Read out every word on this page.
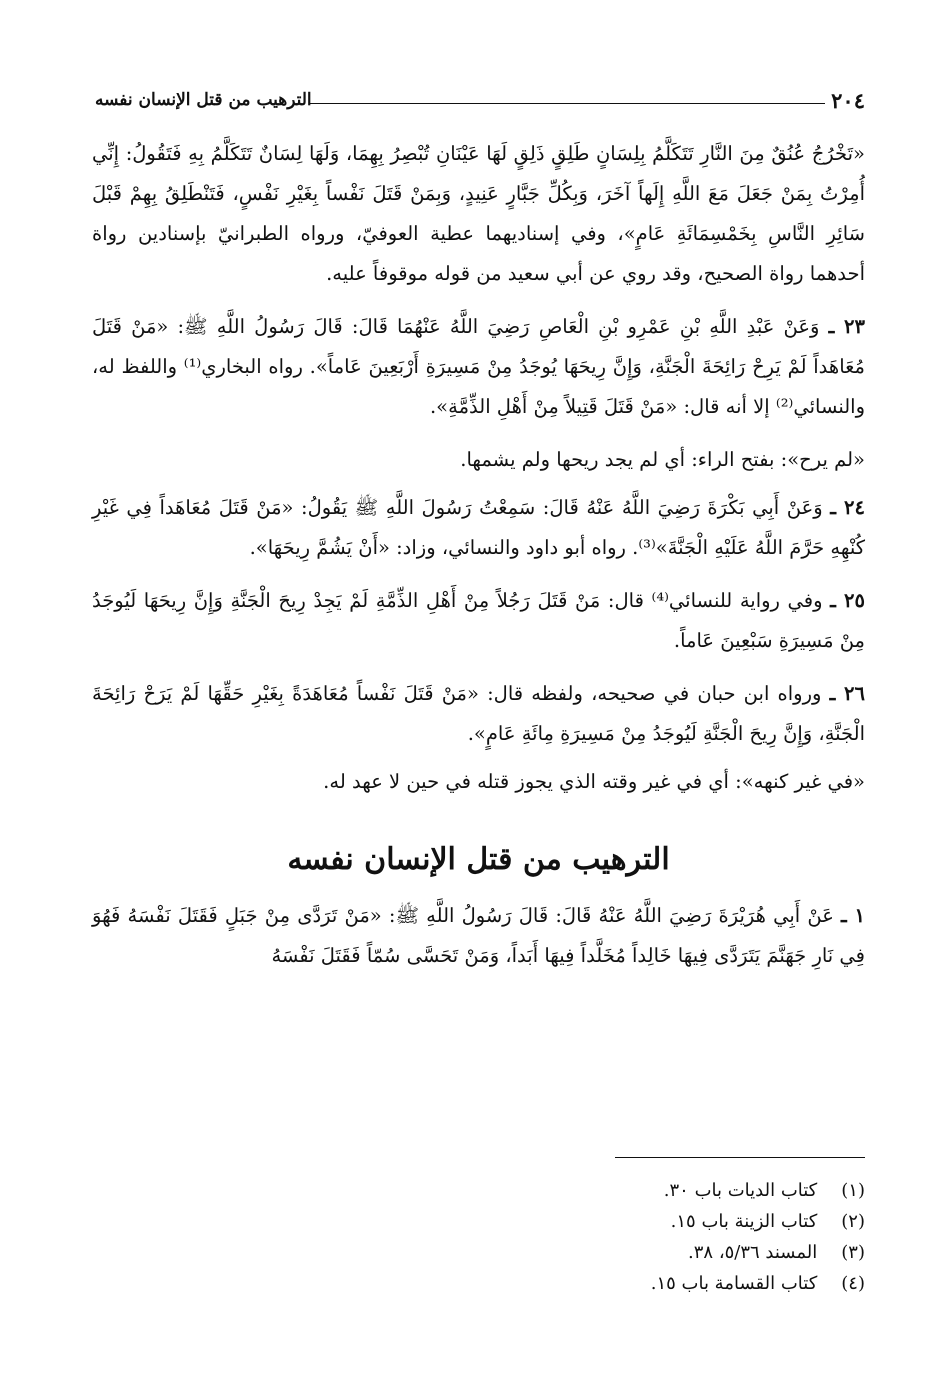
٢٠٤
الترهيب من قتل الإنسان نفسه

«تَخْرُجُ عُنُقٌ مِنَ النَّارِ تَتَكَلَّمُ بِلِسَانٍ طَلِقٍ ذَلِقٍ لَهَا عَيْنَانِ تُبْصِرُ بِهِمَا، وَلَهَا لِسَانٌ تَتَكَلَّمُ بِهِ فَتَقُولُ: إِنِّي أُمِرْتُ بِمَنْ جَعَلَ مَعَ اللَّهِ إِلَهاً آخَرَ، وَبِكُلِّ جَبَّارٍ عَنِيدٍ، وَبِمَنْ قَتَلَ نَفْساً بِغَيْرِ نَفْسٍ، فَتَنْطَلِقُ بِهِمْ قَبْلَ سَائِرِ النَّاسِ بِخَمْسِمَائَةِ عَامٍ»، وفي إسناديهما عطية العوفيّ، ورواه الطبرانيّ بإسنادين رواة أحدهما رواة الصحيح، وقد روي عن أبي سعيد من قوله موقوفاً عليه.

٢٣ ـ وَعَنْ عَبْدِ اللَّهِ بْنِ عَمْرِو بْنِ الْعَاصِ رَضِيَ اللَّهُ عَنْهُمَا قَالَ: قَالَ رَسُولُ اللَّهِ ﷺ: «مَنْ قَتَلَ مُعَاهَداً لَمْ يَرِحْ رَائِحَةَ الْجَنَّةِ، وَإِنَّ رِيحَهَا يُوجَدُ مِنْ مَسِيرَةِ أَرْبَعِينَ عَاماً». رواه البخاري⁽¹⁾ واللفظ له، والنسائي⁽²⁾ إلا أنه قال: «مَنْ قَتَلَ قَتِيلاً مِنْ أَهْلِ الذِّمَّةِ».

«لم يرح»: بفتح الراء: أي لم يجد ريحها ولم يشمها.

٢٤ ـ وَعَنْ أَبِي بَكْرَةَ رَضِيَ اللَّهُ عَنْهُ قَالَ: سَمِعْتُ رَسُولَ اللَّهِ ﷺ يَقُولُ: «مَنْ قَتَلَ مُعَاهَداً فِي غَيْرِ كُنْهِهِ حَرَّمَ اللَّهُ عَلَيْهِ الْجَنَّةَ»⁽³⁾. رواه أبو داود والنسائي، وزاد: «أَنْ يَشُمَّ رِيحَهَا».

٢٥ ـ وفي رواية للنسائي⁽⁴⁾ قال: مَنْ قَتَلَ رَجُلاً مِنْ أَهْلِ الذِّمَّةِ لَمْ يَجِدْ رِيحَ الْجَنَّةِ وَإِنَّ رِيحَهَا لَيُوجَدُ مِنْ مَسِيرَةِ سَبْعِينَ عَاماً.

٢٦ ـ ورواه ابن حبان في صحيحه، ولفظه قال: «مَنْ قَتَلَ نَفْساً مُعَاهَدَةً بِغَيْرِ حَقِّهَا لَمْ يَرَحْ رَائِحَةَ الْجَنَّةِ، وَإِنَّ رِيحَ الْجَنَّةِ لَيُوجَدُ مِنْ مَسِيرَةِ مِائَةِ عَامٍ».

«في غير كنهه»: أي في غير وقته الذي يجوز قتله في حين لا عهد له.

الترهيب من قتل الإنسان نفسه

١ ـ عَنْ أَبِي هُرَيْرَةَ رَضِيَ اللَّهُ عَنْهُ قَالَ: قَالَ رَسُولُ اللَّهِ ﷺ: «مَنْ تَرَدَّى مِنْ جَبَلٍ فَقَتَلَ نَفْسَهُ فَهُوَ فِي نَارِ جَهَنَّمَ يَتَرَدَّى فِيهَا خَالِداً مُخَلَّداً فِيهَا أَبَداً، وَمَنْ تَحَسَّى سُمّاً فَقَتَلَ نَفْسَهُ

(١) كتاب الديات باب ٣٠.
(٢) كتاب الزينة باب ١٥.
(٣) المسند ٥/٣٦، ٣٨.
(٤) كتاب القسامة باب ١٥.
